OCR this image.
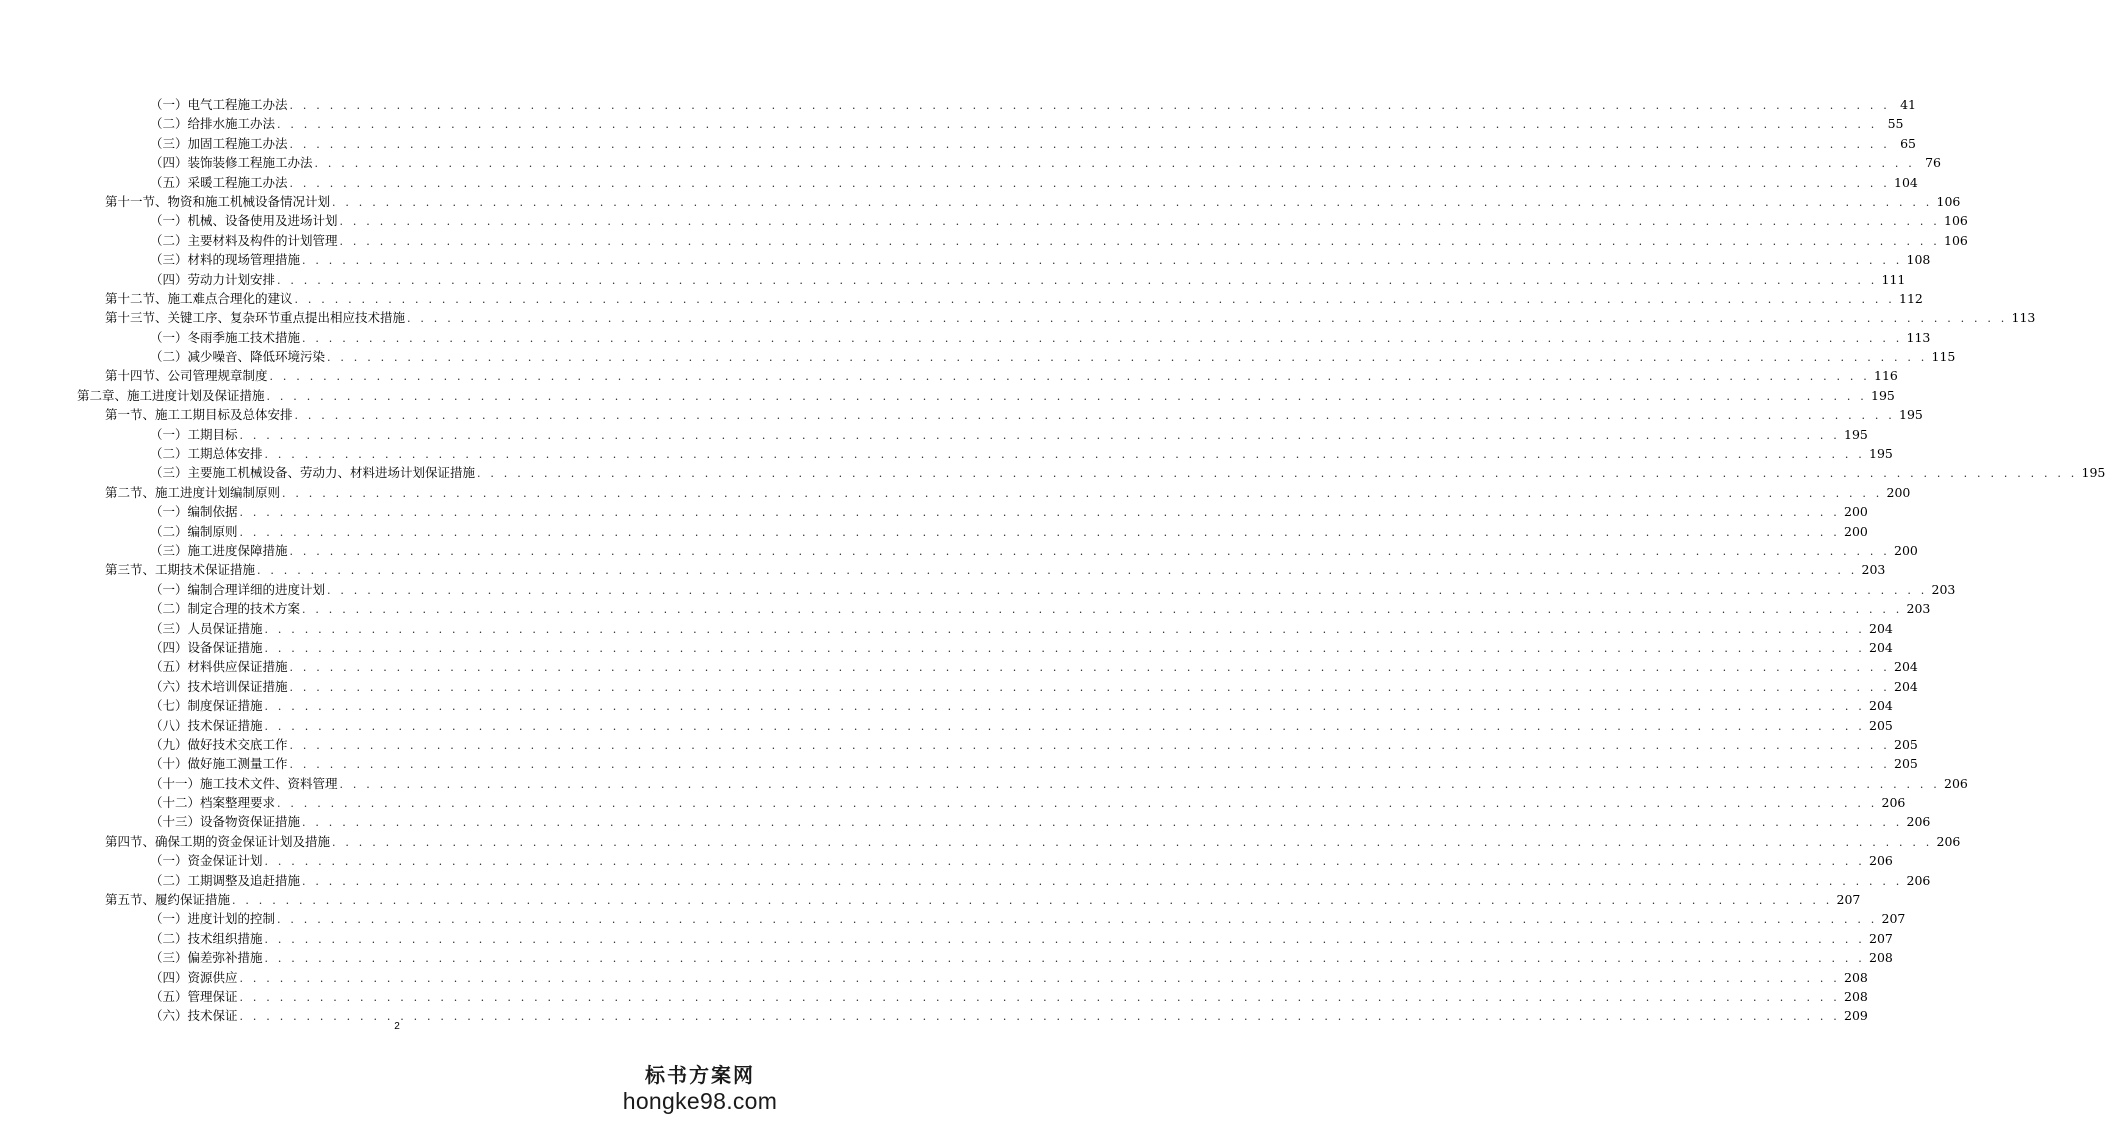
（一）电气工程施工办法 . . . . . . . . . . . . . . . . . . . . . . . . . . . . . . . . . . . . . . . . . . . . . . . . . . . . . . . . . . . . . . . . . . . . . . . . . . . . . . . . . . . . . . . . . . . . . . . . . . . . . . . . . . . . . . . . . . . . . . . . 41
（二）给排水施工办法 . . . . . . . . . . . . . . . . . . . . . . . . . . . . . . . . . . . . . . . . . . . . . . . . . . . . . . . . . . . . . . . . . . . . . . . . . . . . . . . . . . . . . . . . . . . . . . . . . . . . . . . . . . . . . . . . . . . . . . . . 55
（三）加固工程施工办法 . . . . . . . . . . . . . . . . . . . . . . . . . . . . . . . . . . . . . . . . . . . . . . . . . . . . . . . . . . . . . . . . . . . . . . . . . . . . . . . . . . . . . . . . . . . . . . . . . . . . . . . . . . . . . . . . . . . . . . . . 65
（四）装饰装修工程施工办法 . . . . . . . . . . . . . . . . . . . . . . . . . . . . . . . . . . . . . . . . . . . . . . . . . . . . . . . . . . . . . . . . . . . . . . . . . . . . . . . . . . . . . . . . . . . . . . . . . . . . . . . . . . . . . . . . . . . . . . . . 76
（五）采暖工程施工办法 . . . . . . . . . . . . . . . . . . . . . . . . . . . . . . . . . . . . . . . . . . . . . . . . . . . . . . . . . . . . . . . . . . . . . . . . . . . . . . . . . . . . . . . . . . . . . . . . . . . . . . . . . . . . . . . . . . . . . . . . 104
第十一节、物资和施工机械设备情况计划 . . . . . . . . . . . . . . . . . . . . . . . . . . . . . . . . . . . . . . . . . . . . . . . . . . . . . . . . . . . . . . . . . . . . . . . . . . . . . . . . . . . . . . . . . . . . . . . . . . . . . . . . . . . . . . . . . . . . . . . . 106
（一）机械、设备使用及进场计划 . . . . . . . . . . . . . . . . . . . . . . . . . . . . . . . . . . . . . . . . . . . . . . . . . . . . . . . . . . . . . . . . . . . . . . . . . . . . . . . . . . . . . . . . . . . . . . . . . . . . . . . . . . . . . . . . . . . . . . . . 106
（二）主要材料及构件的计划管理 . . . . . . . . . . . . . . . . . . . . . . . . . . . . . . . . . . . . . . . . . . . . . . . . . . . . . . . . . . . . . . . . . . . . . . . . . . . . . . . . . . . . . . . . . . . . . . . . . . . . . . . . . . . . . . . . . . . . . . . . 106
（三）材料的现场管理措施 . . . . . . . . . . . . . . . . . . . . . . . . . . . . . . . . . . . . . . . . . . . . . . . . . . . . . . . . . . . . . . . . . . . . . . . . . . . . . . . . . . . . . . . . . . . . . . . . . . . . . . . . . . . . . . . . . . . . . . . . 108
（四）劳动力计划安排 . . . . . . . . . . . . . . . . . . . . . . . . . . . . . . . . . . . . . . . . . . . . . . . . . . . . . . . . . . . . . . . . . . . . . . . . . . . . . . . . . . . . . . . . . . . . . . . . . . . . . . . . . . . . . . . . . . . . . . . . 111
第十二节、施工难点合理化的建议 . . . . . . . . . . . . . . . . . . . . . . . . . . . . . . . . . . . . . . . . . . . . . . . . . . . . . . . . . . . . . . . . . . . . . . . . . . . . . . . . . . . . . . . . . . . . . . . . . . . . . . . . . . . . . . . . . . . . . . . . 112
第十三节、关键工序、复杂环节重点提出相应技术措施 . . . . . . . . . . . . . . . . . . . . . . . . . . . . . . . . . . . . . . . . . . . . . . . . . . . . . . . . . . . . . . . . . . . . . . . . . . . . . . . . . . . . . . . . . . . . . . . . . . . . . . . . . . . . . . . . . . . . . . . . 113
（一）冬雨季施工技术措施 . . . . . . . . . . . . . . . . . . . . . . . . . . . . . . . . . . . . . . . . . . . . . . . . . . . . . . . . . . . . . . . . . . . . . . . . . . . . . . . . . . . . . . . . . . . . . . . . . . . . . . . . . . . . . . . . . . . . . . . . 113
（二）减少噪音、降低环境污染 . . . . . . . . . . . . . . . . . . . . . . . . . . . . . . . . . . . . . . . . . . . . . . . . . . . . . . . . . . . . . . . . . . . . . . . . . . . . . . . . . . . . . . . . . . . . . . . . . . . . . . . . . . . . . . . . . . . . . . . . 115
第十四节、公司管理规章制度 . . . . . . . . . . . . . . . . . . . . . . . . . . . . . . . . . . . . . . . . . . . . . . . . . . . . . . . . . . . . . . . . . . . . . . . . . . . . . . . . . . . . . . . . . . . . . . . . . . . . . . . . . . . . . . . . . . . . . . . . 116
第二章、施工进度计划及保证措施 . . . . . . . . . . . . . . . . . . . . . . . . . . . . . . . . . . . . . . . . . . . . . . . . . . . . . . . . . . . . . . . . . . . . . . . . . . . . . . . . . . . . . . . . . . . . . . . . . . . . . . . . . . . . . . . . . . . . . . . . 195
第一节、施工工期目标及总体安排 . . . . . . . . . . . . . . . . . . . . . . . . . . . . . . . . . . . . . . . . . . . . . . . . . . . . . . . . . . . . . . . . . . . . . . . . . . . . . . . . . . . . . . . . . . . . . . . . . . . . . . . . . . . . . . . . . . . . . . . . 195
（一）工期目标 . . . . . . . . . . . . . . . . . . . . . . . . . . . . . . . . . . . . . . . . . . . . . . . . . . . . . . . . . . . . . . . . . . . . . . . . . . . . . . . . . . . . . . . . . . . . . . . . . . . . . . . . . . . . . . . . . . . . . . . . 195
（二）工期总体安排 . . . . . . . . . . . . . . . . . . . . . . . . . . . . . . . . . . . . . . . . . . . . . . . . . . . . . . . . . . . . . . . . . . . . . . . . . . . . . . . . . . . . . . . . . . . . . . . . . . . . . . . . . . . . . . . . . . . . . . . . 195
（三）主要施工机械设备、劳动力、材料进场计划保证措施 . . . . . . . . . . . . . . . . . . . . . . . . . . . . . . . . . . . . . . . . . . . . . . . . . . . . . . . . . . . . . . . . . . . . . . . . . . . . . . . . . . . . . . . . . . . . . . . . . . . . . . . . . . . . . . . . . . . . . . . . 195
第二节、施工进度计划编制原则 . . . . . . . . . . . . . . . . . . . . . . . . . . . . . . . . . . . . . . . . . . . . . . . . . . . . . . . . . . . . . . . . . . . . . . . . . . . . . . . . . . . . . . . . . . . . . . . . . . . . . . . . . . . . . . . . . . . . . . . . 200
（一）编制依据 . . . . . . . . . . . . . . . . . . . . . . . . . . . . . . . . . . . . . . . . . . . . . . . . . . . . . . . . . . . . . . . . . . . . . . . . . . . . . . . . . . . . . . . . . . . . . . . . . . . . . . . . . . . . . . . . . . . . . . . . 200
（二）编制原则 . . . . . . . . . . . . . . . . . . . . . . . . . . . . . . . . . . . . . . . . . . . . . . . . . . . . . . . . . . . . . . . . . . . . . . . . . . . . . . . . . . . . . . . . . . . . . . . . . . . . . . . . . . . . . . . . . . . . . . . . 200
（三）施工进度保障措施 . . . . . . . . . . . . . . . . . . . . . . . . . . . . . . . . . . . . . . . . . . . . . . . . . . . . . . . . . . . . . . . . . . . . . . . . . . . . . . . . . . . . . . . . . . . . . . . . . . . . . . . . . . . . . . . . . . . . . . . . 200
第三节、工期技术保证措施 . . . . . . . . . . . . . . . . . . . . . . . . . . . . . . . . . . . . . . . . . . . . . . . . . . . . . . . . . . . . . . . . . . . . . . . . . . . . . . . . . . . . . . . . . . . . . . . . . . . . . . . . . . . . . . . . . . . . . . . . 203
（一）编制合理详细的进度计划 . . . . . . . . . . . . . . . . . . . . . . . . . . . . . . . . . . . . . . . . . . . . . . . . . . . . . . . . . . . . . . . . . . . . . . . . . . . . . . . . . . . . . . . . . . . . . . . . . . . . . . . . . . . . . . . . . . . . . . . . 203
（二）制定合理的技术方案 . . . . . . . . . . . . . . . . . . . . . . . . . . . . . . . . . . . . . . . . . . . . . . . . . . . . . . . . . . . . . . . . . . . . . . . . . . . . . . . . . . . . . . . . . . . . . . . . . . . . . . . . . . . . . . . . . . . . . . . . 203
（三）人员保证措施 . . . . . . . . . . . . . . . . . . . . . . . . . . . . . . . . . . . . . . . . . . . . . . . . . . . . . . . . . . . . . . . . . . . . . . . . . . . . . . . . . . . . . . . . . . . . . . . . . . . . . . . . . . . . . . . . . . . . . . . . 204
（四）设备保证措施 . . . . . . . . . . . . . . . . . . . . . . . . . . . . . . . . . . . . . . . . . . . . . . . . . . . . . . . . . . . . . . . . . . . . . . . . . . . . . . . . . . . . . . . . . . . . . . . . . . . . . . . . . . . . . . . . . . . . . . . . 204
（五）材料供应保证措施 . . . . . . . . . . . . . . . . . . . . . . . . . . . . . . . . . . . . . . . . . . . . . . . . . . . . . . . . . . . . . . . . . . . . . . . . . . . . . . . . . . . . . . . . . . . . . . . . . . . . . . . . . . . . . . . . . . . . . . . . 204
（六）技术培训保证措施 . . . . . . . . . . . . . . . . . . . . . . . . . . . . . . . . . . . . . . . . . . . . . . . . . . . . . . . . . . . . . . . . . . . . . . . . . . . . . . . . . . . . . . . . . . . . . . . . . . . . . . . . . . . . . . . . . . . . . . . . 204
（七）制度保证措施 . . . . . . . . . . . . . . . . . . . . . . . . . . . . . . . . . . . . . . . . . . . . . . . . . . . . . . . . . . . . . . . . . . . . . . . . . . . . . . . . . . . . . . . . . . . . . . . . . . . . . . . . . . . . . . . . . . . . . . . . 204
（八）技术保证措施 . . . . . . . . . . . . . . . . . . . . . . . . . . . . . . . . . . . . . . . . . . . . . . . . . . . . . . . . . . . . . . . . . . . . . . . . . . . . . . . . . . . . . . . . . . . . . . . . . . . . . . . . . . . . . . . . . . . . . . . . 205
（九）做好技术交底工作 . . . . . . . . . . . . . . . . . . . . . . . . . . . . . . . . . . . . . . . . . . . . . . . . . . . . . . . . . . . . . . . . . . . . . . . . . . . . . . . . . . . . . . . . . . . . . . . . . . . . . . . . . . . . . . . . . . . . . . . . 205
（十）做好施工测量工作 . . . . . . . . . . . . . . . . . . . . . . . . . . . . . . . . . . . . . . . . . . . . . . . . . . . . . . . . . . . . . . . . . . . . . . . . . . . . . . . . . . . . . . . . . . . . . . . . . . . . . . . . . . . . . . . . . . . . . . . . 205
（十一）施工技术文件、资料管理 . . . . . . . . . . . . . . . . . . . . . . . . . . . . . . . . . . . . . . . . . . . . . . . . . . . . . . . . . . . . . . . . . . . . . . . . . . . . . . . . . . . . . . . . . . . . . . . . . . . . . . . . . . . . . . . . . . . . . . . . 206
（十二）档案整理要求 . . . . . . . . . . . . . . . . . . . . . . . . . . . . . . . . . . . . . . . . . . . . . . . . . . . . . . . . . . . . . . . . . . . . . . . . . . . . . . . . . . . . . . . . . . . . . . . . . . . . . . . . . . . . . . . . . . . . . . . . 206
（十三）设备物资保证措施 . . . . . . . . . . . . . . . . . . . . . . . . . . . . . . . . . . . . . . . . . . . . . . . . . . . . . . . . . . . . . . . . . . . . . . . . . . . . . . . . . . . . . . . . . . . . . . . . . . . . . . . . . . . . . . . . . . . . . . . . 206
第四节、确保工期的资金保证计划及措施 . . . . . . . . . . . . . . . . . . . . . . . . . . . . . . . . . . . . . . . . . . . . . . . . . . . . . . . . . . . . . . . . . . . . . . . . . . . . . . . . . . . . . . . . . . . . . . . . . . . . . . . . . . . . . . . . . . . . . . . . 206
（一）资金保证计划 . . . . . . . . . . . . . . . . . . . . . . . . . . . . . . . . . . . . . . . . . . . . . . . . . . . . . . . . . . . . . . . . . . . . . . . . . . . . . . . . . . . . . . . . . . . . . . . . . . . . . . . . . . . . . . . . . . . . . . . . 206
（二）工期调整及追赶措施 . . . . . . . . . . . . . . . . . . . . . . . . . . . . . . . . . . . . . . . . . . . . . . . . . . . . . . . . . . . . . . . . . . . . . . . . . . . . . . . . . . . . . . . . . . . . . . . . . . . . . . . . . . . . . . . . . . . . . . . . 206
第五节、履约保证措施 . . . . . . . . . . . . . . . . . . . . . . . . . . . . . . . . . . . . . . . . . . . . . . . . . . . . . . . . . . . . . . . . . . . . . . . . . . . . . . . . . . . . . . . . . . . . . . . . . . . . . . . . . . . . . . . . . . . . . . . . 207
（一）进度计划的控制 . . . . . . . . . . . . . . . . . . . . . . . . . . . . . . . . . . . . . . . . . . . . . . . . . . . . . . . . . . . . . . . . . . . . . . . . . . . . . . . . . . . . . . . . . . . . . . . . . . . . . . . . . . . . . . . . . . . . . . . . 207
（二）技术组织措施 . . . . . . . . . . . . . . . . . . . . . . . . . . . . . . . . . . . . . . . . . . . . . . . . . . . . . . . . . . . . . . . . . . . . . . . . . . . . . . . . . . . . . . . . . . . . . . . . . . . . . . . . . . . . . . . . . . . . . . . . 207
（三）偏差弥补措施 . . . . . . . . . . . . . . . . . . . . . . . . . . . . . . . . . . . . . . . . . . . . . . . . . . . . . . . . . . . . . . . . . . . . . . . . . . . . . . . . . . . . . . . . . . . . . . . . . . . . . . . . . . . . . . . . . . . . . . . . 208
（四）资源供应 . . . . . . . . . . . . . . . . . . . . . . . . . . . . . . . . . . . . . . . . . . . . . . . . . . . . . . . . . . . . . . . . . . . . . . . . . . . . . . . . . . . . . . . . . . . . . . . . . . . . . . . . . . . . . . . . . . . . . . . . 208
（五）管理保证 . . . . . . . . . . . . . . . . . . . . . . . . . . . . . . . . . . . . . . . . . . . . . . . . . . . . . . . . . . . . . . . . . . . . . . . . . . . . . . . . . . . . . . . . . . . . . . . . . . . . . . . . . . . . . . . . . . . . . . . . 208
（六）技术保证 . . . . . . . . . . . . . . . . . . . . . . . . . . . . . . . . . . . . . . . . . . . . . . . . . . . . . . . . . . . . . . . . . . . . . . . . . . . . . . . . . . . . . . . . . . . . . . . . . . . . . . . . . . . . . . . . . . . . . . . . 209
2
标书方案网
hongke98.com
